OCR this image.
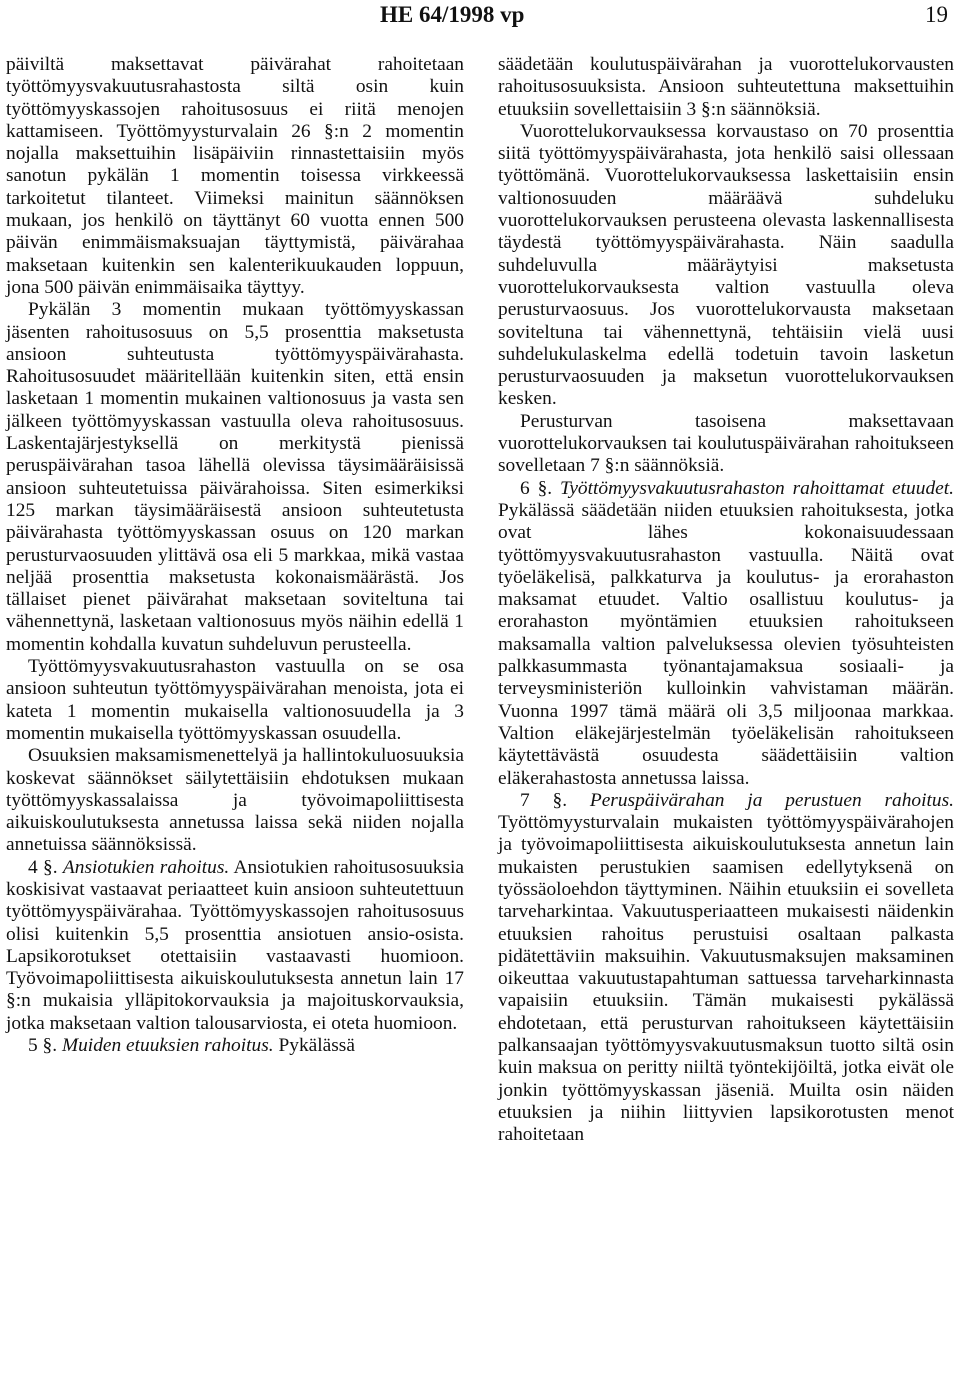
HE 64/1998 vp	19

päiviltä maksettavat päivärahat rahoitetaan työttömyysvakuutusrahastosta siltä osin kuin työttömyyskassojen rahoitusosuus ei riitä menojen kattamiseen. Työttömyysturvalain 26 §:n 2 momentin nojalla maksettuihin lisäpäiviin rinnastettaisiin myös sanotun pykälän 1 momentin toisessa virkkeessä tarkoitetut tilanteet. Viimeksi mainitun säännöksen mukaan, jos henkilö on täyttänyt 60 vuotta ennen 500 päivän enimmäismaksuajan täyttymistä, päivärahaa maksetaan kuitenkin sen kalenterikuukauden loppuun, jona 500 päivän enimmäisaika täyttyy.

Pykälän 3 momentin mukaan työttömyyskassan jäsenten rahoitusosuus on 5,5 prosenttia maksetusta ansioon suhteutusta työttömyyspäivärahasta. Rahoitusosuudet määritellään kuitenkin siten, että ensin lasketaan 1 momentin mukainen valtionosuus ja vasta sen jälkeen työttömyyskassan vastuulla oleva rahoitusosuus. Laskentajärjestyksellä on merkitystä pienissä peruspäivärahan tasoa lähellä olevissa täysimääräisissä ansioon suhteutetuissa päivärahoissa. Siten esimerkiksi 125 markan täysimääräisestä ansioon suhteutetusta päivärahasta työttömyyskassan osuus on 120 markan perusturvaosuuden ylittävä osa eli 5 markkaa, mikä vastaa neljää prosenttia maksetusta kokonaismäärästä. Jos tällaiset pienet päivärahat maksetaan soviteltuna tai vähennettynä, lasketaan valtionosuus myös näihin edellä 1 momentin kohdalla kuvatun suhdeluvun perusteella.

Työttömyysvakuutusrahaston vastuulla on se osa ansioon suhteutun työttömyyspäivärahan menoista, jota ei kateta 1 momentin mukaisella valtionosuudella ja 3 momentin mukaisella työttömyyskassan osuudella.

Osuuksien maksamismenettelyä ja hallintokuluosuuksia koskevat säännökset säilytettäisiin ehdotuksen mukaan työttömyyskassalaissa ja työvoimapoliittisesta aikuiskoulutuksesta annetussa laissa sekä niiden nojalla annetuissa säännöksissä.

4 §. Ansiotukien rahoitus. Ansiotukien rahoitusosuuksia koskisivat vastaavat periaatteet kuin ansioon suhteutettuun työttömyyspäivärahaa. Työttömyyskassojen rahoitusosuus olisi kuitenkin 5,5 prosenttia ansiotuen ansio-osista. Lapsikorotukset otettaisiin vastaavasti huomioon. Työvoimapoliittisesta aikuiskoulutuksesta annetun lain 17 §:n mukaisia ylläpitokorvauksia ja majoituskorvauksia, jotka maksetaan valtion talousarviosta, ei oteta huomioon.

5 §. Muiden etuuksien rahoitus. Pykälässä

säädetään koulutuspäivärahan ja vuorottelukorvausten rahoitusosuuksista. Ansioon suhteutettuna maksettuihin etuuksiin sovellettaisiin 3 §:n säännöksiä.

Vuorottelukorvauksessa korvaustaso on 70 prosenttia siitä työttömyyspäivärahasta, jota henkilö saisi ollessaan työttömänä. Vuorottelukorvauksessa laskettaisiin ensin valtionosuuden määräävä suhdeluku vuorottelukorvauksen perusteena olevasta laskennallisesta täydestä työttömyyspäivärahasta. Näin saadulla suhdeluvulla määräytyisi maksetusta vuorottelukorvauksesta valtion vastuulla oleva perusturvaosuus. Jos vuorottelukorvausta maksetaan soviteltuna tai vähennettynä, tehtäisiin vielä uusi suhdelukulaskelma edellä todetuin tavoin lasketun perusturvaosuuden ja maksetun vuorottelukorvauksen kesken.

Perusturvan tasoisena maksettavaan vuorottelukorvauksen tai koulutuspäivärahan rahoitukseen sovelletaan 7 §:n säännöksiä.

6 §. Työttömyysvakuutusrahaston rahoittamat etuudet. Pykälässä säädetään niiden etuuksien rahoituksesta, jotka ovat lähes kokonaisuudessaan työttömyysvakuutusrahaston vastuulla. Näitä ovat työeläkelisä, palkkaturva ja koulutus- ja erorahaston maksamat etuudet. Valtio osallistuu koulutus- ja erorahaston myöntämien etuuksien rahoitukseen maksamalla valtion palveluksessa olevien työsuhteisten palkkasummasta työnantajamaksua sosiaali- ja terveysministeriön kulloinkin vahvistaman määrän. Vuonna 1997 tämä määrä oli 3,5 miljoonaa markkaa. Valtion eläkejärjestelmän työeläkelisän rahoitukseen käytettävästä osuudesta säädettäisiin valtion eläkerahastosta annetussa laissa.

7 §. Peruspäivärahan ja perustuen rahoitus. Työttömyysturvalain mukaisten työttömyyspäivärahojen ja työvoimapoliittisesta aikuiskoulutuksesta annetun lain mukaisten perustukien saamisen edellytyksenä on työssäoloehdon täyttyminen. Näihin etuuksiin ei sovelleta tarveharkintaa. Vakuutusperiaatteen mukaisesti näidenkin etuuksien rahoitus perustuisi osaltaan palkasta pidätettäviin maksuihin. Vakuutusmaksujen maksaminen oikeuttaa vakuutustapahtuman sattuessa tarveharkinnasta vapaisiin etuuksiin. Tämän mukaisesti pykälässä ehdotetaan, että perusturvan rahoitukseen käytettäisiin palkansaajan työttömyysvakuutusmaksun tuotto siltä osin kuin maksua on peritty niiltä työntekijöiltä, jotka eivät ole jonkin työttömyyskassan jäseniä. Muilta osin näiden etuuksien ja niihin liittyvien lapsikorotusten menot rahoitetaan
